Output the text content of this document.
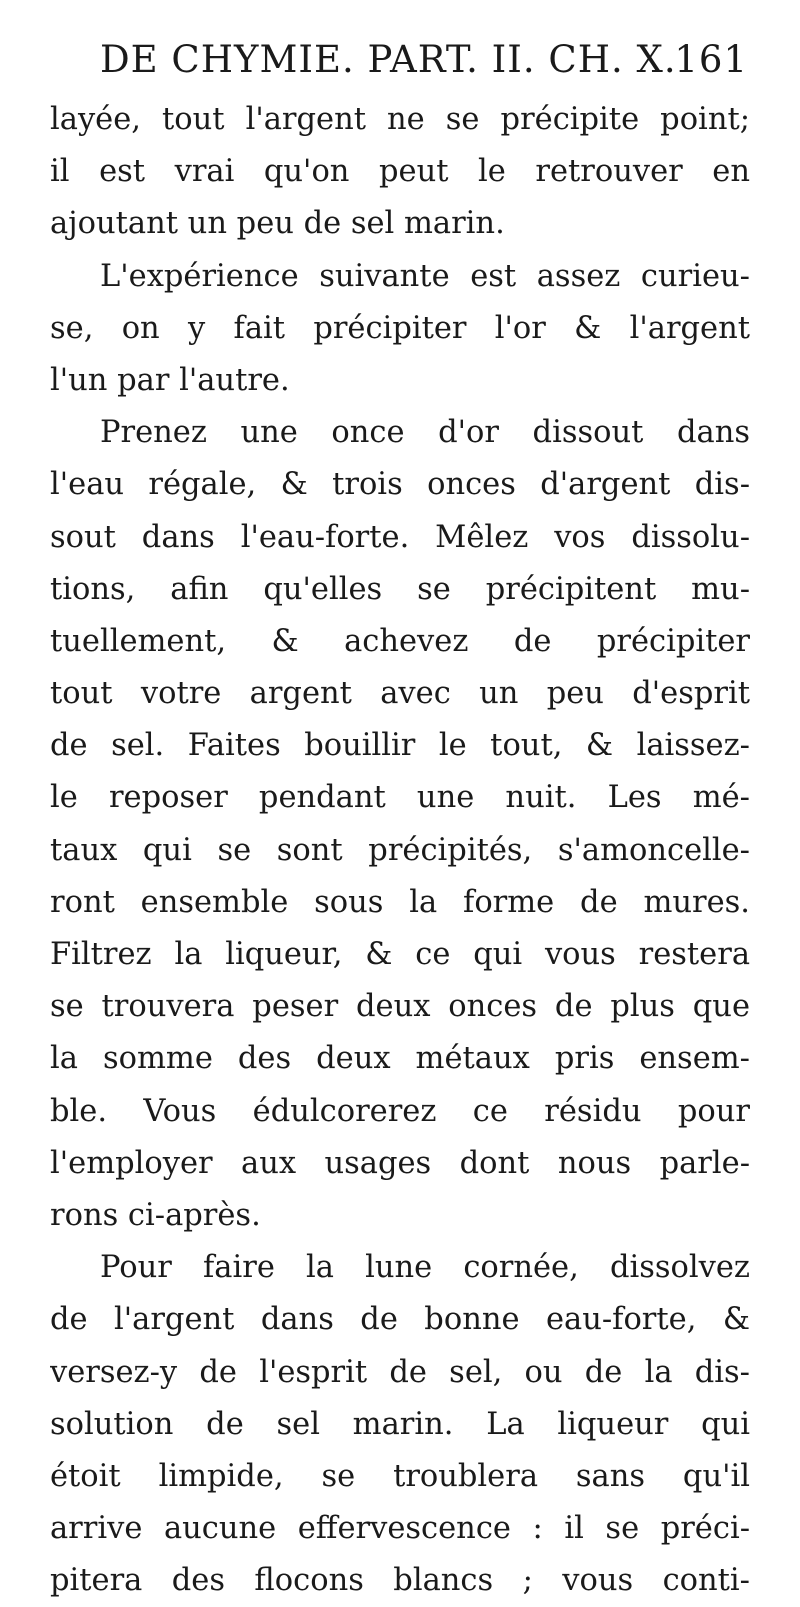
DE CHYMIE. PART. II. CH. X.
161
layée, tout l'argent ne se précipite point;
il est vrai qu'on peut le retrouver en
ajoutant un peu de sel marin.
L'expérience suivante est assez curieu-
se, on y fait précipiter l'or & l'argent
l'un par l'autre.
Prenez une once d'or dissout dans
l'eau régale, & trois onces d'argent dis-
sout dans l'eau-forte. Mêlez vos dissolu-
tions, afin qu'elles se précipitent mu-
tuellement, & achevez de précipiter
tout votre argent avec un peu d'esprit
de sel. Faites bouillir le tout, & laissez-
le reposer pendant une nuit. Les mé-
taux qui se sont précipités, s'amoncelle-
ront ensemble sous la forme de mures.
Filtrez la liqueur, & ce qui vous restera
se trouvera peser deux onces de plus que
la somme des deux métaux pris ensem-
ble. Vous édulcorerez ce résidu pour
l'employer aux usages dont nous parle-
rons ci-après.
Pour faire la lune cornée, dissolvez
de l'argent dans de bonne eau-forte, &
versez-y de l'esprit de sel, ou de la dis-
solution de sel marin. La liqueur qui
étoit limpide, se troublera sans qu'il
arrive aucune effervescence : il se préci-
pitera des flocons blancs ; vous conti-
